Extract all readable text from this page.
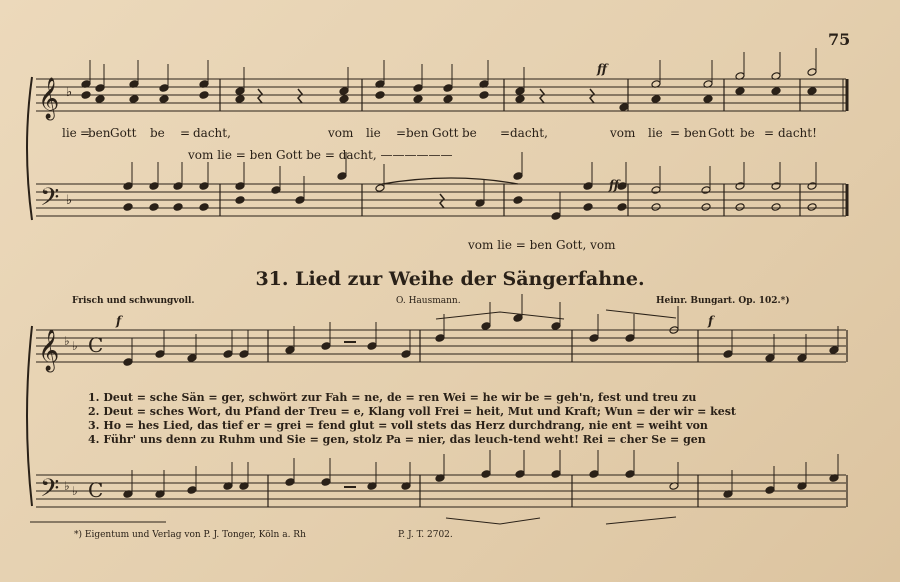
𝄞
𝄢
♭
♭
𝄞
𝄢
♭ ♭
♭ ♭
C
C
75
lie =
ben Gott be = dacht,	vom lie = ben Gott be = dacht,	vom lie = ben Gott be = dacht!
vom lie = ben Gott be = dacht, ——————
vom lie = ben Gott, vom
31. Lied zur Weihe der Sängerfahne.
Frisch und schwungvoll.	O. Hausmann.	Heinr. Bungart. Op. 102.*)
ff
ff
f	f
1. Deut = sche Sän = ger, schwört zur Fah = ne, de = ren Wei = he wir be = geh'n, fest und treu zu
2. Deut = sches Wort, du Pfand der Treu = e, Klang voll Frei = heit, Mut und Kraft; Wun = der wir = kest
3. Ho = hes Lied, das tief er = grei = fend glut = voll stets das Herz durchdrang, nie ent = weiht von
4. Führ' uns denn zu Ruhm und Sie = gen, stolz Pa = nier, das leuch-tend weht! Rei = cher Se = gen
*) Eigentum und Verlag von P. J. Tonger, Köln a. Rh	P. J. T. 2702.
